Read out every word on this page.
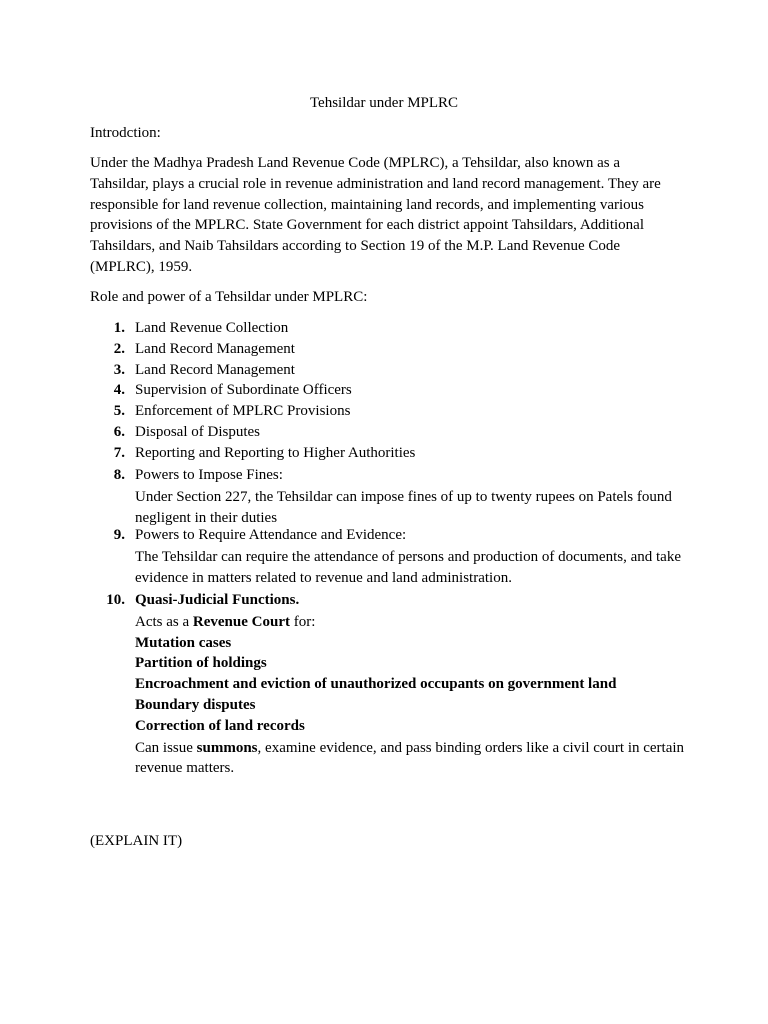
Tehsildar under MPLRC
Introdction:

Under the Madhya Pradesh Land Revenue Code (MPLRC), a Tehsildar, also known as a Tahsildar, plays a crucial role in revenue administration and land record management. They are responsible for land revenue collection, maintaining land records, and implementing various provisions of the MPLRC. State Government for each district appoint Tahsildars, Additional Tahsildars, and Naib Tahsildars according to Section 19 of the M.P. Land Revenue Code (MPLRC), 1959.

Role and power of a Tehsildar under MPLRC:
1. Land Revenue Collection
2. Land Record Management
3. Land Record Management
4. Supervision of Subordinate Officers
5. Enforcement of MPLRC Provisions
6. Disposal of Disputes
7. Reporting and Reporting to Higher Authorities
8. Powers to Impose Fines:
Under Section 227, the Tehsildar can impose fines of up to twenty rupees on Patels found negligent in their duties
9. Powers to Require Attendance and Evidence:
The Tehsildar can require the attendance of persons and production of documents, and take evidence in matters related to revenue and land administration.
10. Quasi-Judicial Functions.
Acts as a Revenue Court for:
Mutation cases
Partition of holdings
Encroachment and eviction of unauthorized occupants on government land
Boundary disputes
Correction of land records
Can issue summons, examine evidence, and pass binding orders like a civil court in certain revenue matters.
(EXPLAIN IT)
